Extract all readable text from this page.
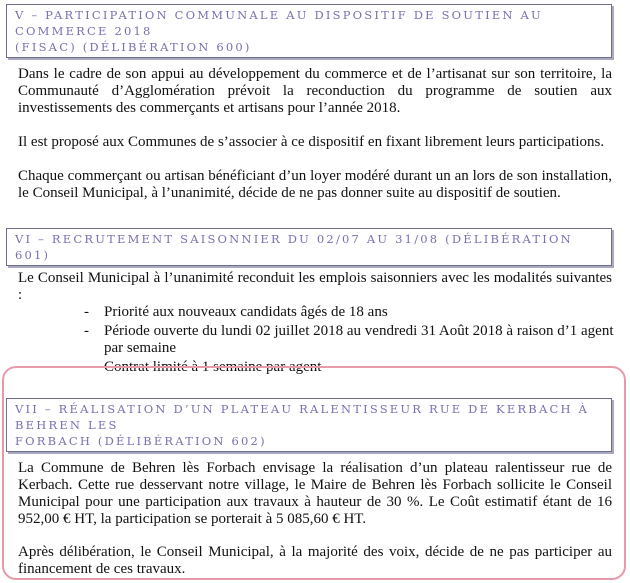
V – PARTICIPATION COMMUNALE AU DISPOSITIF DE SOUTIEN AU COMMERCE 2018
(FISAC) (DÉLIBÉRATION 600)

Dans le cadre de son appui au développement du commerce et de l’artisanat sur son territoire, la Communauté d’Agglomération prévoit la reconduction du programme de soutien aux investissements des commerçants et artisans pour l’année 2018.

Il est proposé aux Communes de s’associer à ce dispositif en fixant librement leurs participations.

Chaque commerçant ou artisan bénéficiant d’un loyer modéré durant un an lors de son installation, le Conseil Municipal, à l’unanimité, décide de ne pas donner suite au dispositif de soutien.

VI – RECRUTEMENT SAISONNIER DU 02/07 AU 31/08 (DÉLIBÉRATION 601)

Le Conseil Municipal à l’unanimité reconduit les emplois saisonniers avec les modalités suivantes :

- Priorité aux nouveaux candidats âgés de 18 ans
- Période ouverte du lundi 02 juillet 2018 au vendredi 31 Août 2018 à raison d’1 agent par semaine
- Contrat limité à 1 semaine par agent
VII – RÉALISATION D’UN PLATEAU RALENTISSEUR RUE DE KERBACH À BEHREN LES
FORBACH (DÉLIBÉRATION 602)

La Commune de Behren lès Forbach envisage la réalisation d’un plateau ralentisseur rue de Kerbach. Cette rue desservant notre village, le Maire de Behren lès Forbach sollicite le Conseil Municipal pour une participation aux travaux à hauteur de 30 %. Le Coût estimatif étant de 16 952,00 € HT, la participation se porterait à 5 085,60 € HT.

Après délibération, le Conseil Municipal, à la majorité des voix, décide de ne pas participer au financement de ces travaux.
